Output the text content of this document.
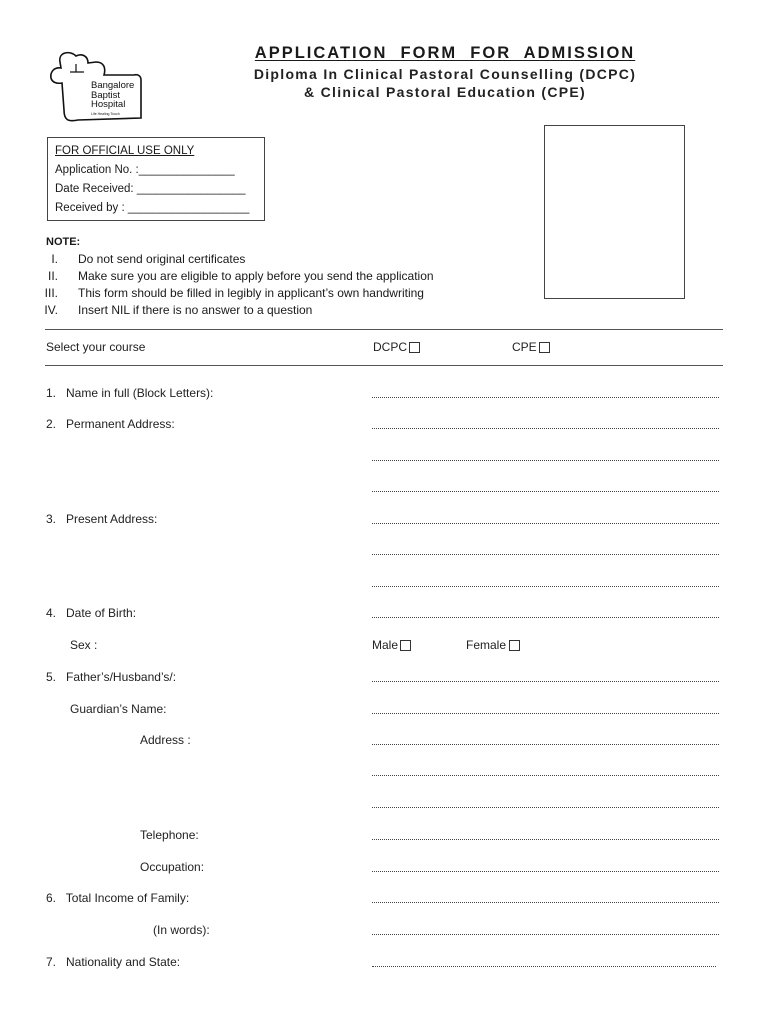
Bangalore
Baptist
Hospital
Life Healing Touch
APPLICATION  FORM  FOR  ADMISSION
Diploma In Clinical Pastoral Counselling (DCPC)
& Clinical Pastoral Education (CPE)
FOR OFFICIAL USE ONLY
Application No. :_______________
Date Received: _________________
Received by : ___________________
NOTE:
I. Do not send original certificates
II. Make sure you are eligible to apply before you send the application
III. This form should be filled in legibly in applicant’s own handwriting
IV. Insert NIL if there is no answer to a question
Select your course	DCPC	CPE
1.   Name in full (Block Letters):
2.   Permanent Address:
3.   Present Address:
4.   Date of Birth:
Sex :	Male	Female
5.   Father’s/Husband’s/:
Guardian’s Name:
Address :
Telephone:
Occupation:
6.   Total Income of Family:
(In words):
7.   Nationality and State:
